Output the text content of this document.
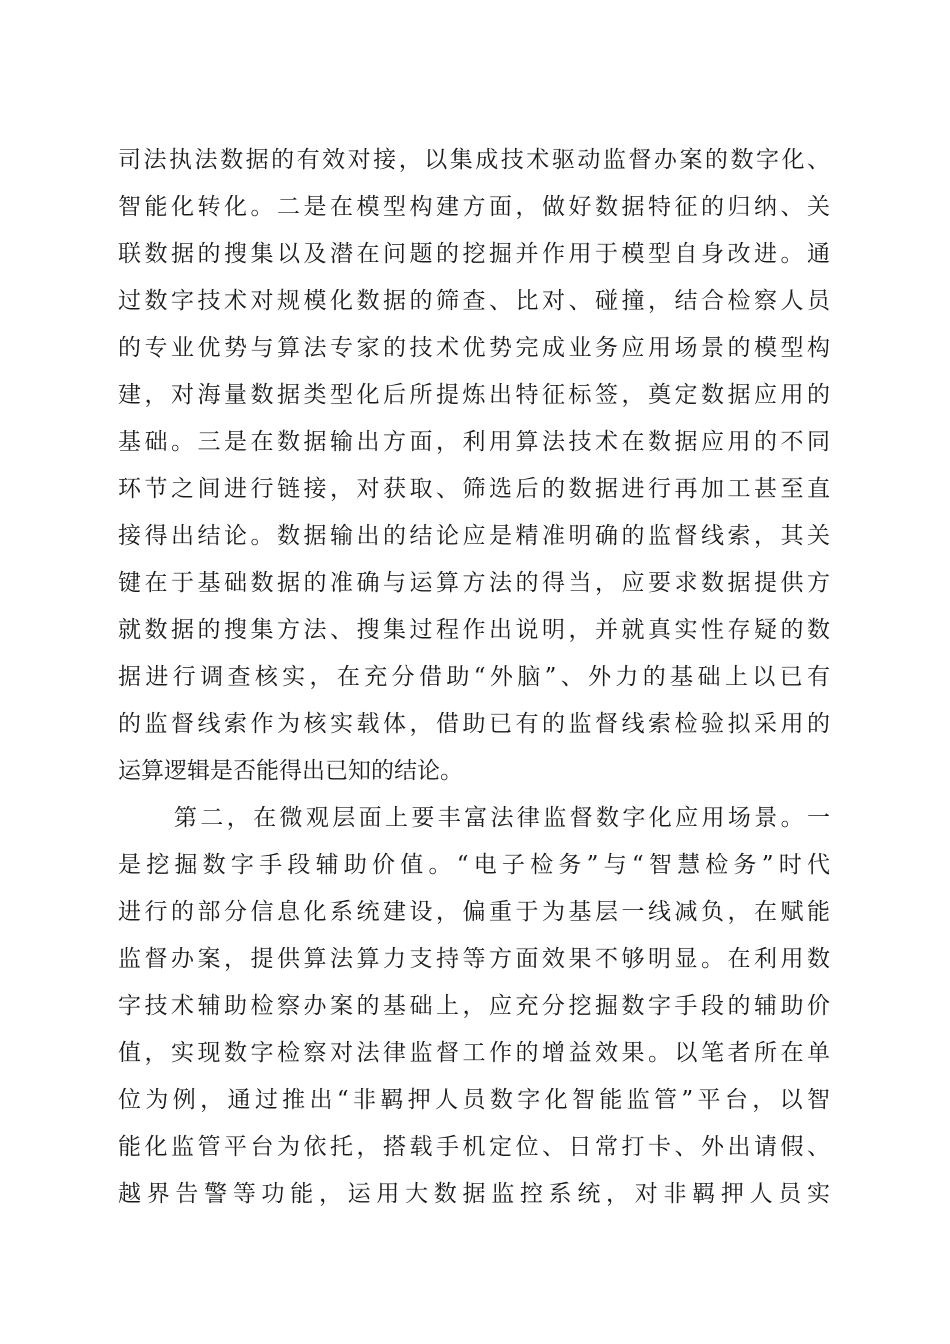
司法执法数据的有效对接，以集成技术驱动监督办案的数字化、
智能化转化。二是在模型构建方面，做好数据特征的归纳、关
联数据的搜集以及潜在问题的挖掘并作用于模型自身改进。通
过数字技术对规模化数据的筛查、比对、碰撞，结合检察人员
的专业优势与算法专家的技术优势完成业务应用场景的模型构
建，对海量数据类型化后所提炼出特征标签，奠定数据应用的
基础。三是在数据输出方面，利用算法技术在数据应用的不同
环节之间进行链接，对获取、筛选后的数据进行再加工甚至直
接得出结论。数据输出的结论应是精准明确的监督线索，其关
键在于基础数据的准确与运算方法的得当，应要求数据提供方
就数据的搜集方法、搜集过程作出说明，并就真实性存疑的数
据进行调查核实，在充分借助“外脑”、外力的基础上以已有
的监督线索作为核实载体，借助已有的监督线索检验拟采用的
运算逻辑是否能得出已知的结论。
第二，在微观层面上要丰富法律监督数字化应用场景。一
是挖掘数字手段辅助价值。“电子检务”与“智慧检务”时代
进行的部分信息化系统建设，偏重于为基层一线减负，在赋能
监督办案，提供算法算力支持等方面效果不够明显。在利用数
字技术辅助检察办案的基础上，应充分挖掘数字手段的辅助价
值，实现数字检察对法律监督工作的增益效果。以笔者所在单
位为例，通过推出“非羁押人员数字化智能监管”平台，以智
能化监管平台为依托，搭载手机定位、日常打卡、外出请假、
越界告警等功能，运用大数据监控系统，对非羁押人员实
